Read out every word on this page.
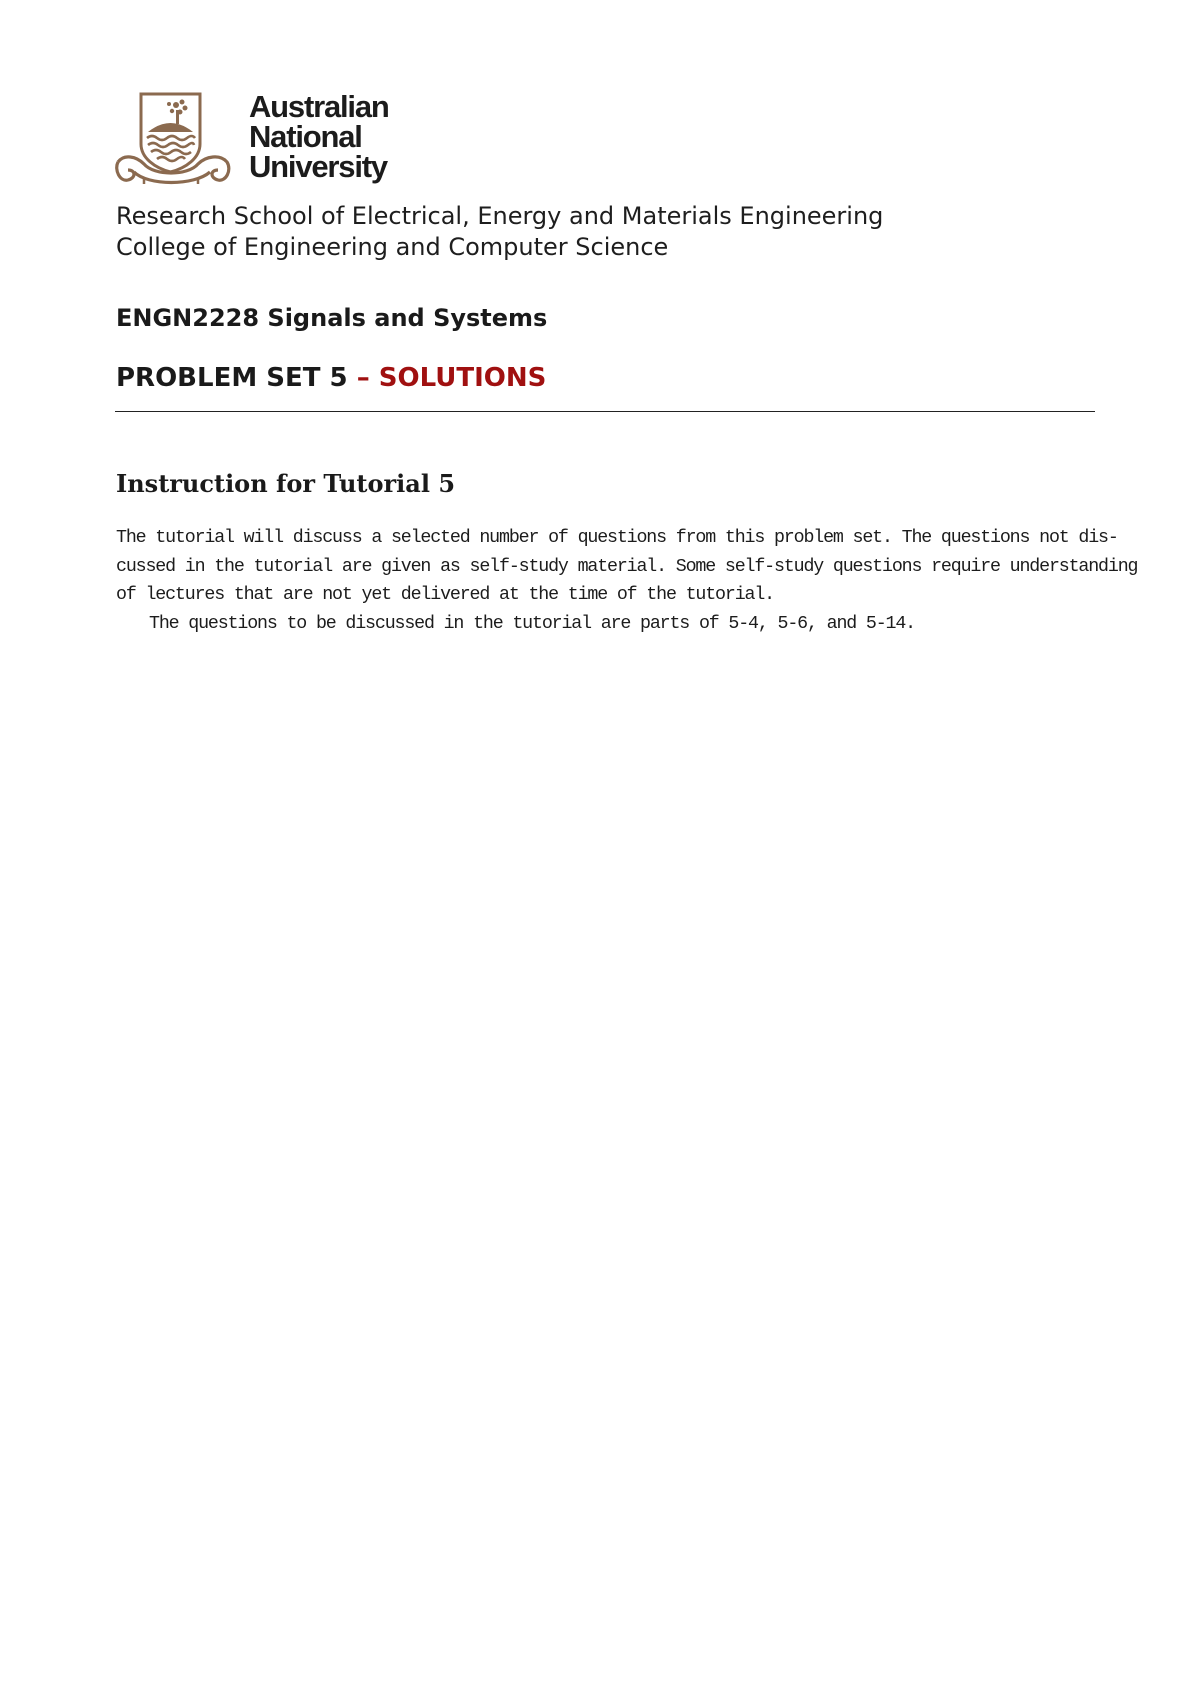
Australian
National
University
Research School of Electrical, Energy and Materials Engineering
College of Engineering and Computer Science
ENGN2228 Signals and Systems
PROBLEM SET 5 – SOLUTIONS
Instruction for Tutorial 5
The tutorial will discuss a selected number of questions from this problem set. The questions not dis-
cussed in the tutorial are given as self-study material. Some self-study questions require understanding
of lectures that are not yet delivered at the time of the tutorial.
The questions to be discussed in the tutorial are parts of 5-4, 5-6, and 5-14.
